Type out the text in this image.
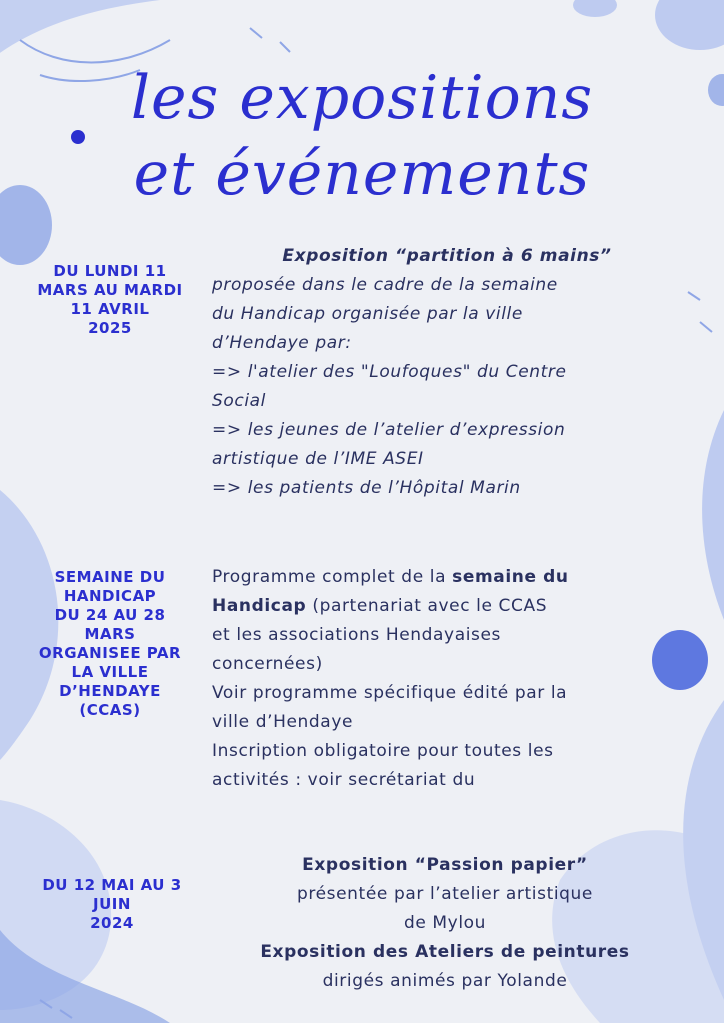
les expositions
et événements
DU LUNDI 11
MARS AU MARDI
11 AVRIL
2025
Exposition “partition à 6 mains”
proposée dans le cadre de la semaine
du Handicap organisée par la ville
d’Hendaye par:
=> l'atelier des "Loufoques" du Centre
Social
=> les jeunes de l’atelier d’expression
artistique de l’IME ASEI
=> les patients de l’Hôpital Marin
SEMAINE DU
HANDICAP
DU 24 AU 28
MARS
ORGANISEE PAR
LA VILLE
D’HENDAYE
(CCAS)
Programme complet de la semaine du
Handicap (partenariat avec le CCAS
et les associations Hendayaises
concernées)
Voir programme spécifique édité par la
ville d’Hendaye
Inscription obligatoire pour toutes les
activités : voir secrétariat du
DU 12 MAI AU 3
JUIN
2024
Exposition “Passion papier”
présentée par l’atelier artistique
de Mylou
Exposition des Ateliers de peintures
dirigés animés par Yolande
